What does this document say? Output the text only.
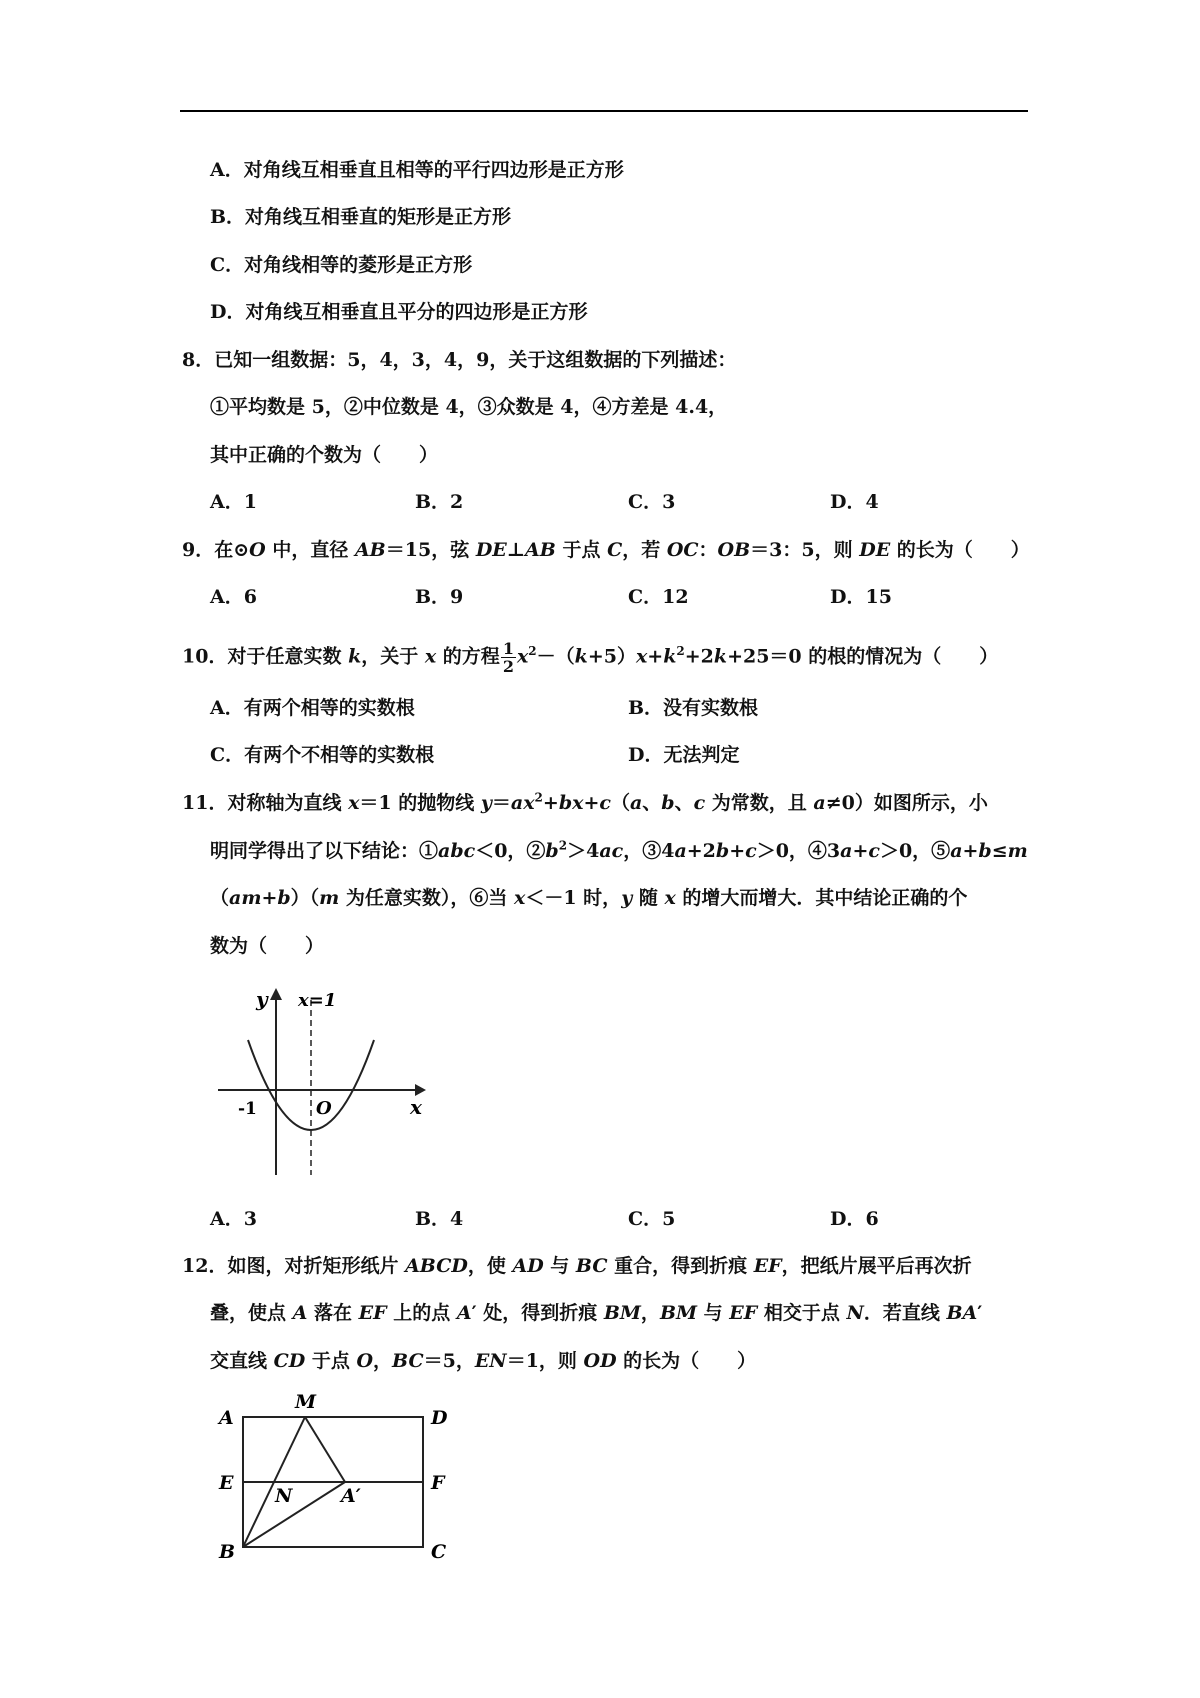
A．对角线互相垂直且相等的平行四边形是正方形
B．对角线互相垂直的矩形是正方形
C．对角线相等的菱形是正方形
D．对角线互相垂直且平分的四边形是正方形
8．已知一组数据：5，4，3，4，9，关于这组数据的下列描述：
①平均数是 5，②中位数是 4，③众数是 4，④方差是 4.4，
其中正确的个数为（　　）
A．1	B．2	C．3	D．4
9．在⊙O 中，直径 AB＝15，弦 DE⊥AB 于点 C，若 OC：OB＝3：5，则 DE 的长为（　　）
A．6	B．9	C．12	D．15
10．对于任意实数 k，关于 x 的方程 $\frac{1}{2} x^2-(k+5)x+k^2+2k+25=0$ 的根的情况为（　　）
A．有两个相等的实数根	B．没有实数根
C．有两个不相等的实数根	D．无法判定
11．对称轴为直线 x＝1 的抛物线 $y=ax^2+bx+c(a$、b、c 为常数，且 a≠0）如图所示，小
明同学得出了以下结论：①abc＜0，$②b^2>4ac$，③4a+2b+c＞0，④3a+c＞0，⑤a+b≤m
（am+b）（m 为任意实数），⑥当 x＜－1 时，y 随 x 的增大而增大．其中结论正确的个
数为（　　）
y x=1
x
O
-1
A．3	B．4	C．5	D．6
12．如图，对折矩形纸片 ABCD，使 AD 与 BC 重合，得到折痕 EF，把纸片展平后再次折
叠，使点 A 落在 EF 上的点 A′ 处，得到折痕 BM，BM 与 EF 相交于点 N．若直线 BA′
交直线 CD 于点 O，BC＝5，EN＝1，则 OD 的长为（　　）
A
M
D
E
N	A′
F
B	C
